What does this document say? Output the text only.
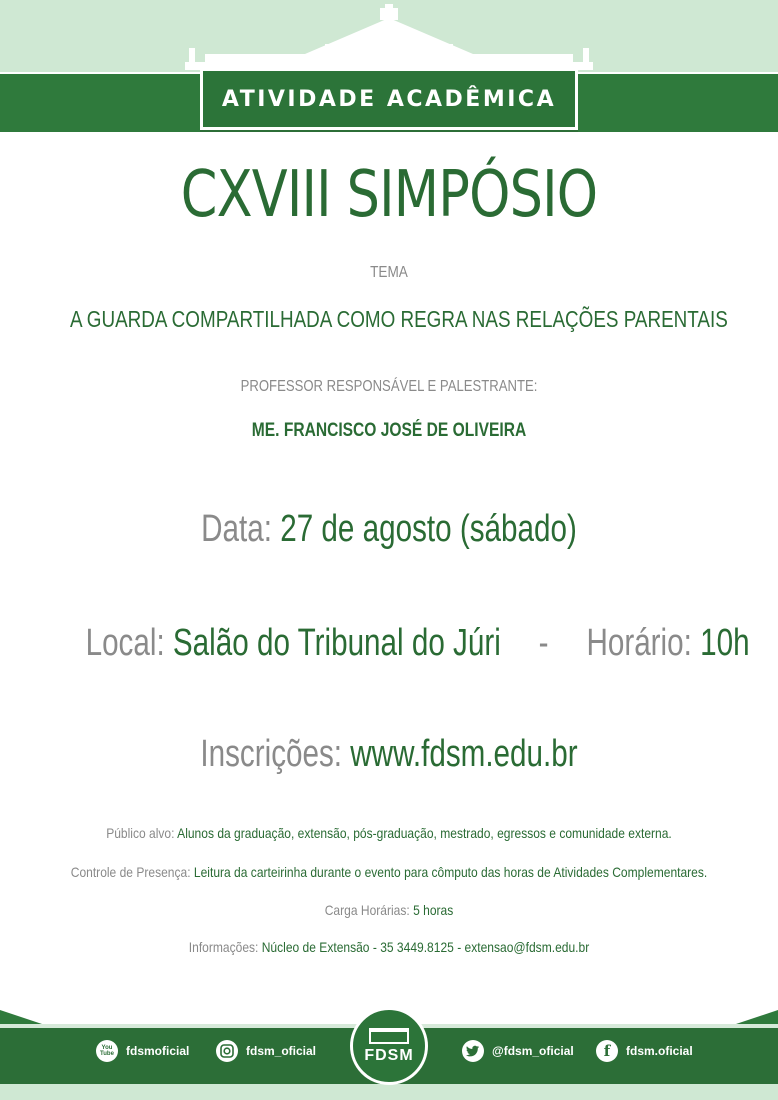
ATIVIDADE ACADÊMICA
CXVIII SIMPÓSIO
TEMA
A GUARDA COMPARTILHADA COMO REGRA NAS RELAÇÕES PARENTAIS
PROFESSOR RESPONSÁVEL E PALESTRANTE:
ME. FRANCISCO JOSÉ DE OLIVEIRA
Data: 27 de agosto (sábado)
Local: Salão do Tribunal do Júri - Horário: 10h
Inscrições: www.fdsm.edu.br
Público alvo: Alunos da graduação, extensão, pós-graduação, mestrado, egressos e comunidade externa.
Controle de Presença: Leitura da carteirinha durante o evento para cômputo das horas de Atividades Complementares.
Carga Horárias: 5 horas
Informações: Núcleo de Extensão - 35 3449.8125 - extensao@fdsm.edu.br
You Tube	fdsmoficial	fdsm_oficial	FDSM	@fdsm_oficial	f	fdsm.oficial
